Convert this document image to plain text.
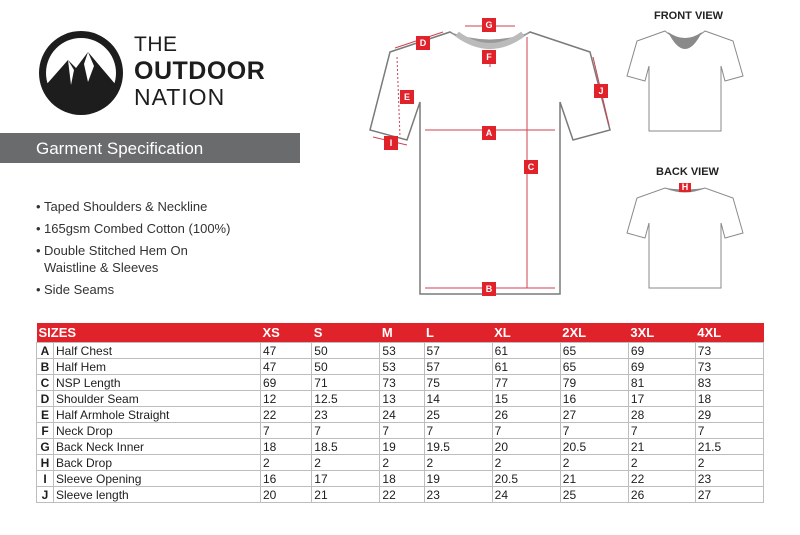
THE
OUTDOOR
NATION
Garment Specification
• Taped Shoulders & Neckline
• 165gsm Combed Cotton (100%)
• Double Stitched Hem On
Waistline & Sleeves
• Side Seams
G
D
F
E
J
A
I
C
B
FRONT VIEW
BACK VIEW
H
SIZES		XS	S	M	L	XL	2XL	3XL	4XL
A	Half Chest	47	50	53	57	61	65	69	73
B	Half Hem	47	50	53	57	61	65	69	73
C	NSP Length	69	71	73	75	77	79	81	83
D	Shoulder Seam	12	12.5	13	14	15	16	17	18
E	Half Armhole Straight	22	23	24	25	26	27	28	29
F	Neck Drop	7	7	7	7	7	7	7	7
G	Back Neck Inner	18	18.5	19	19.5	20	20.5	21	21.5
H	Back Drop	2	2	2	2	2	2	2	2
I	Sleeve Opening	16	17	18	19	20.5	21	22	23
J	Sleeve length	20	21	22	23	24	25	26	27
